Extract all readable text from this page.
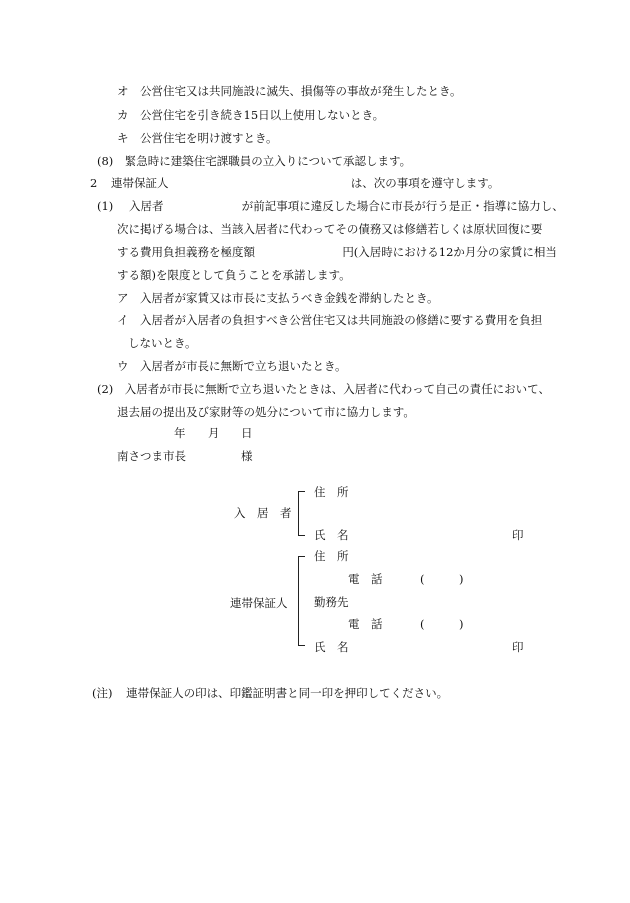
オ　公営住宅又は共同施設に滅失、損傷等の事故が発生したとき。
カ　公営住宅を引き続き15日以上使用しないとき。
キ　公営住宅を明け渡すとき。
(8)　緊急時に建築住宅課職員の立入りについて承認します。
2 連帯保証人	は、次の事項を遵守します。
(1) 入居者	が前記事項に違反した場合に市長が行う是正・指導に協力し、
次に掲げる場合は、当該入居者に代わってその債務又は修繕若しくは原状回復に要
する費用負担義務を極度額	円(入居時における12か月分の家賃に相当
する額)を限度として負うことを承諾します。
ア　入居者が家賃又は市長に支払うべき金銭を滞納したとき。
イ　入居者が入居者の負担すべき公営住宅又は共同施設の修繕に要する費用を負担
しないとき。
ウ　入居者が市長に無断で立ち退いたとき。
(2)　入居者が市長に無断で立ち退いたときは、入居者に代わって自己の責任において、
退去届の提出及び家財等の処分について市に協力します。
年 月 日
南さつま市長	様
入　居　者
住　所
氏　名	印
連帯保証人
住　所
電　話	(　　　)
勤務先
電　話	(　　　)
氏　名	印
(注) 連帯保証人の印は、印鑑証明書と同一印を押印してください。
